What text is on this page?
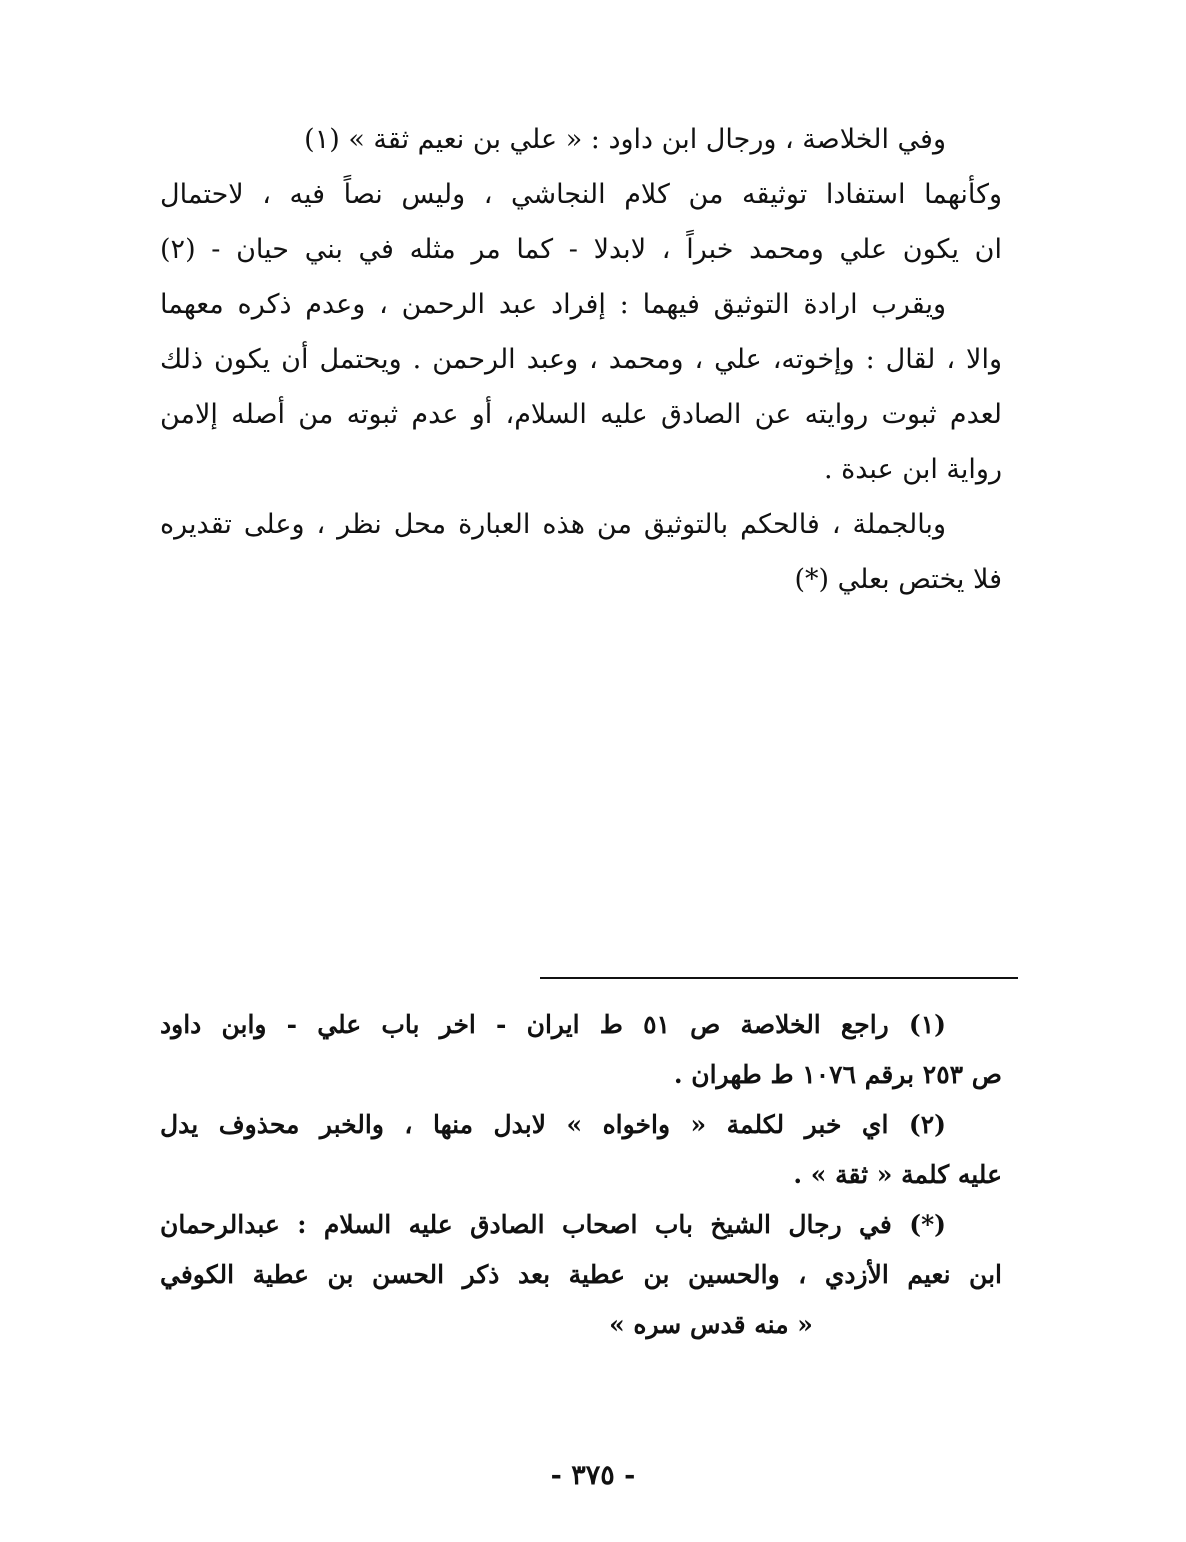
وفي الخلاصة ، ورجال ابن داود : « علي بن نعيم ثقة » (١)
وكأنهما استفادا توثيقه من كلام النجاشي ، وليس نصاً فيه ، لاحتمال
ان يكون علي ومحمد خبراً ، لابدلا - كما مر مثله في بني حيان - (٢)
ويقرب ارادة التوثيق فيهما : إفراد عبد الرحمن ، وعدم ذكره معهما
والا ، لقال : وإخوته، علي ، ومحمد ، وعبد الرحمن . ويحتمل أن يكون ذلك
لعدم ثبوت روايته عن الصادق عليه السلام، أو عدم ثبوته من أصله إلامن
رواية ابن عبدة .
وبالجملة ، فالحكم بالتوثيق من هذه العبارة محل نظر ، وعلى تقديره
فلا يختص بعلي (*)
(١) راجع الخلاصة ص ٥١ ط ايران - اخر باب علي - وابن داود
ص ٢٥٣ برقم ١٠٧٦ ط طهران .
(٢) اي خبر لكلمة « واخواه » لابدل منها ، والخبر محذوف يدل
عليه كلمة « ثقة » .
(*) في رجال الشيخ باب اصحاب الصادق عليه السلام : عبدالرحمان
ابن نعيم الأزدي ، والحسين بن عطية بعد ذكر الحسن بن عطية الكوفي
« منه قدس سره »
- ٣٧٥ -
